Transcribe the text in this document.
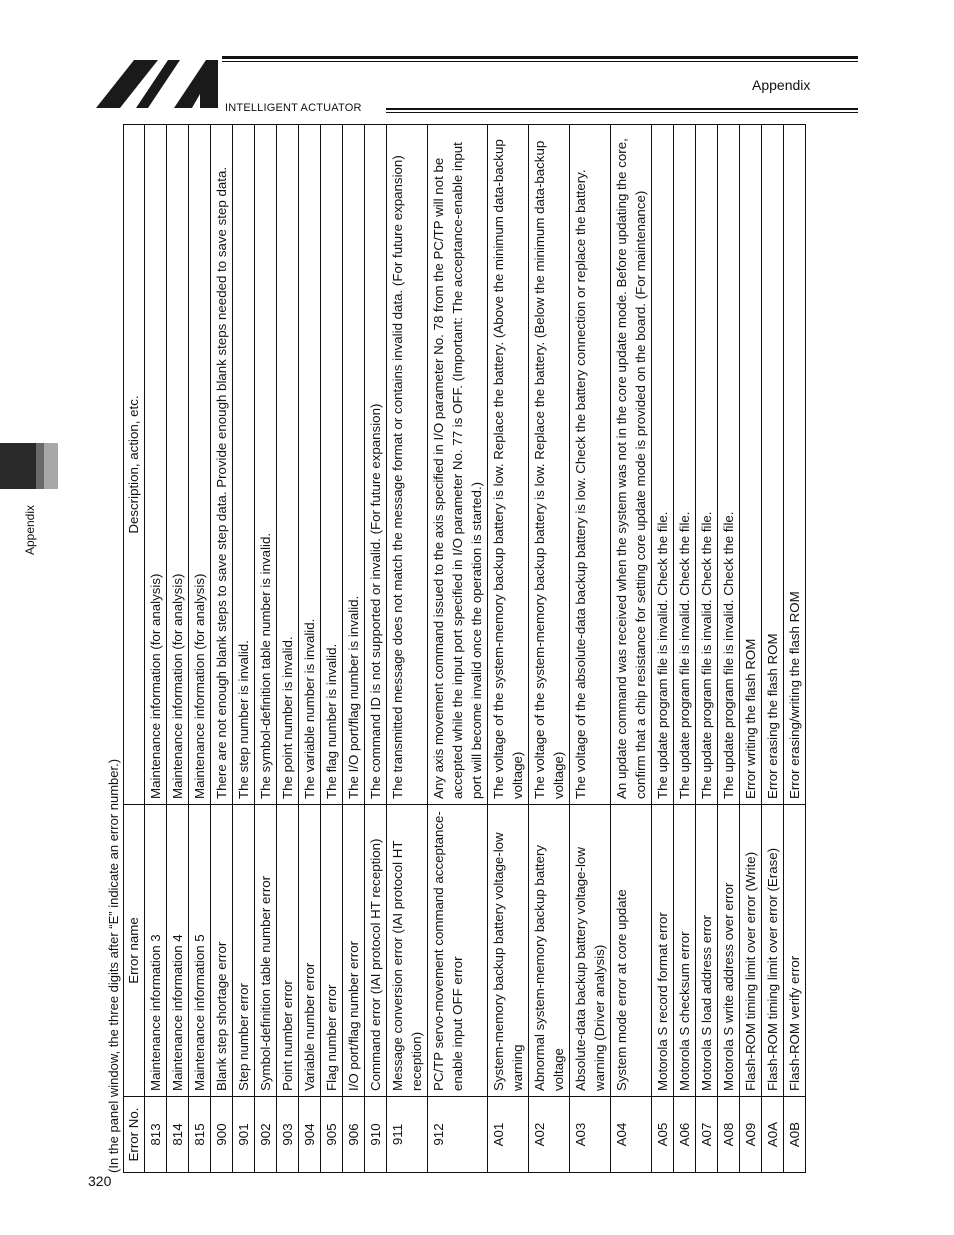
Appendix
INTELLIGENT ACTUATOR
Appendix
320
(In the panel window, the three digits after “E” indicate an error number.) Error No.	Error name	Description, action, etc.
813	Maintenance information 3	Maintenance information (for analysis)
814	Maintenance information 4	Maintenance information (for analysis)
815	Maintenance information 5	Maintenance information (for analysis)
900	Blank step shortage error	There are not enough blank steps to save step data. Provide enough blank steps needed to save step data.
901	Step number error	The step number is invalid.
902	Symbol-definition table number error	The symbol-definition table number is invalid.
903	Point number error	The point number is invalid.
904	Variable number error	The variable number is invalid.
905	Flag number error	The flag number is invalid.
906	I/O port/flag number error	The I/O port/flag number is invalid.
910	Command error (IAI protocol HT reception)	The command ID is not supported or invalid. (For future expansion)
911	Message conversion error (IAI protocol HT reception)	The transmitted message does not match the message format or contains invalid data. (For future expansion)
912	PC/TP servo-movement command acceptance-enable input OFF error	Any axis movement command issued to the axis specified in I/O parameter No. 78 from the PC/TP will not be accepted while the input port specified in I/O parameter No. 77 is OFF. (Important: The acceptance-enable input port will become invalid once the operation is started.)
A01	System-memory backup battery voltage-low warning	The voltage of the system-memory backup battery is low. Replace the battery. (Above the minimum data-backup voltage)
A02	Abnormal system-memory backup battery voltage	The voltage of the system-memory backup battery is low. Replace the battery. (Below the minimum data-backup voltage)
A03	Absolute-data backup battery voltage-low warning (Driver analysis)	The voltage of the absolute-data backup battery is low. Check the battery connection or replace the battery.
A04	System mode error at core update	An update command was received when the system was not in the core update mode. Before updating the core, confirm that a chip resistance for setting core update mode is provided on the board. (For maintenance)
A05	Motorola S record format error	The update program file is invalid. Check the file.
A06	Motorola S checksum error	The update program file is invalid. Check the file.
A07	Motorola S load address error	The update program file is invalid. Check the file.
A08	Motorola S write address over error	The update program file is invalid. Check the file.
A09	Flash-ROM timing limit over error (Write)	Error writing the flash ROM
A0A	Flash-ROM timing limit over error (Erase)	Error erasing the flash ROM
A0B	Flash-ROM verify error	Error erasing/writing the flash ROM
